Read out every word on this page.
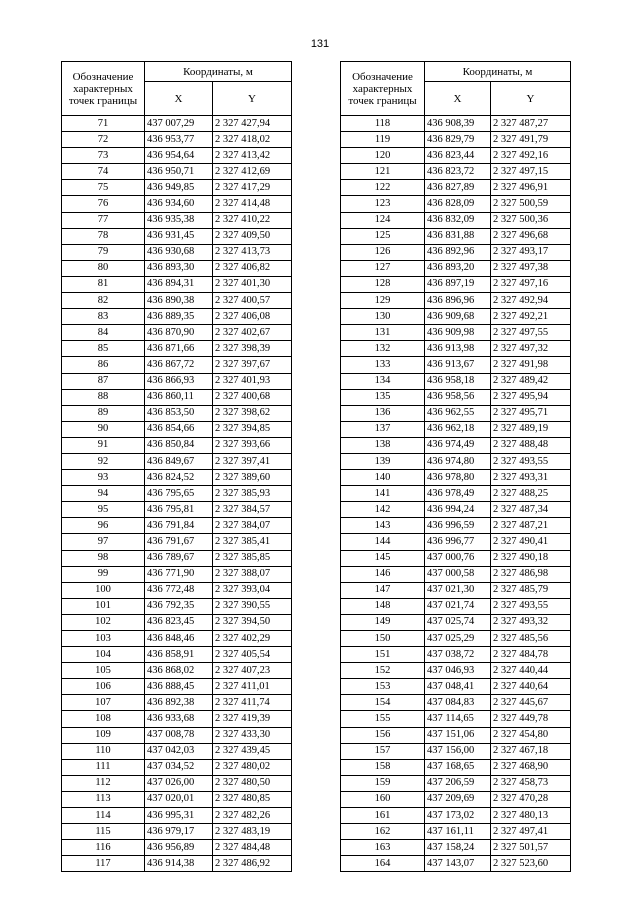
131
Обозначение характерных точек границы	Координаты, м	
	X	Y
71	437 007,29	2 327 427,94
72	436 953,77	2 327 418,02
73	436 954,64	2 327 413,42
74	436 950,71	2 327 412,69
75	436 949,85	2 327 417,29
76	436 934,60	2 327 414,48
77	436 935,38	2 327 410,22
78	436 931,45	2 327 409,50
79	436 930,68	2 327 413,73
80	436 893,30	2 327 406,82
81	436 894,31	2 327 401,30
82	436 890,38	2 327 400,57
83	436 889,35	2 327 406,08
84	436 870,90	2 327 402,67
85	436 871,66	2 327 398,39
86	436 867,72	2 327 397,67
87	436 866,93	2 327 401,93
88	436 860,11	2 327 400,68
89	436 853,50	2 327 398,62
90	436 854,66	2 327 394,85
91	436 850,84	2 327 393,66
92	436 849,67	2 327 397,41
93	436 824,52	2 327 389,60
94	436 795,65	2 327 385,93
95	436 795,81	2 327 384,57
96	436 791,84	2 327 384,07
97	436 791,67	2 327 385,41
98	436 789,67	2 327 385,85
99	436 771,90	2 327 388,07
100	436 772,48	2 327 393,04
101	436 792,35	2 327 390,55
102	436 823,45	2 327 394,50
103	436 848,46	2 327 402,29
104	436 858,91	2 327 405,54
105	436 868,02	2 327 407,23
106	436 888,45	2 327 411,01
107	436 892,38	2 327 411,74
108	436 933,68	2 327 419,39
109	437 008,78	2 327 433,30
110	437 042,03	2 327 439,45
111	437 034,52	2 327 480,02
112	437 026,00	2 327 480,50
113	437 020,01	2 327 480,85
114	436 995,31	2 327 482,26
115	436 979,17	2 327 483,19
116	436 956,89	2 327 484,48
117	436 914,38	2 327 486,92
Обозначение характерных точек границы	Координаты, м	
	X	Y
118	436 908,39	2 327 487,27
119	436 829,79	2 327 491,79
120	436 823,44	2 327 492,16
121	436 823,72	2 327 497,15
122	436 827,89	2 327 496,91
123	436 828,09	2 327 500,59
124	436 832,09	2 327 500,36
125	436 831,88	2 327 496,68
126	436 892,96	2 327 493,17
127	436 893,20	2 327 497,38
128	436 897,19	2 327 497,16
129	436 896,96	2 327 492,94
130	436 909,68	2 327 492,21
131	436 909,98	2 327 497,55
132	436 913,98	2 327 497,32
133	436 913,67	2 327 491,98
134	436 958,18	2 327 489,42
135	436 958,56	2 327 495,94
136	436 962,55	2 327 495,71
137	436 962,18	2 327 489,19
138	436 974,49	2 327 488,48
139	436 974,80	2 327 493,55
140	436 978,80	2 327 493,31
141	436 978,49	2 327 488,25
142	436 994,24	2 327 487,34
143	436 996,59	2 327 487,21
144	436 996,77	2 327 490,41
145	437 000,76	2 327 490,18
146	437 000,58	2 327 486,98
147	437 021,30	2 327 485,79
148	437 021,74	2 327 493,55
149	437 025,74	2 327 493,32
150	437 025,29	2 327 485,56
151	437 038,72	2 327 484,78
152	437 046,93	2 327 440,44
153	437 048,41	2 327 440,64
154	437 084,83	2 327 445,67
155	437 114,65	2 327 449,78
156	437 151,06	2 327 454,80
157	437 156,00	2 327 467,18
158	437 168,65	2 327 468,90
159	437 206,59	2 327 458,73
160	437 209,69	2 327 470,28
161	437 173,02	2 327 480,13
162	437 161,11	2 327 497,41
163	437 158,24	2 327 501,57
164	437 143,07	2 327 523,60
